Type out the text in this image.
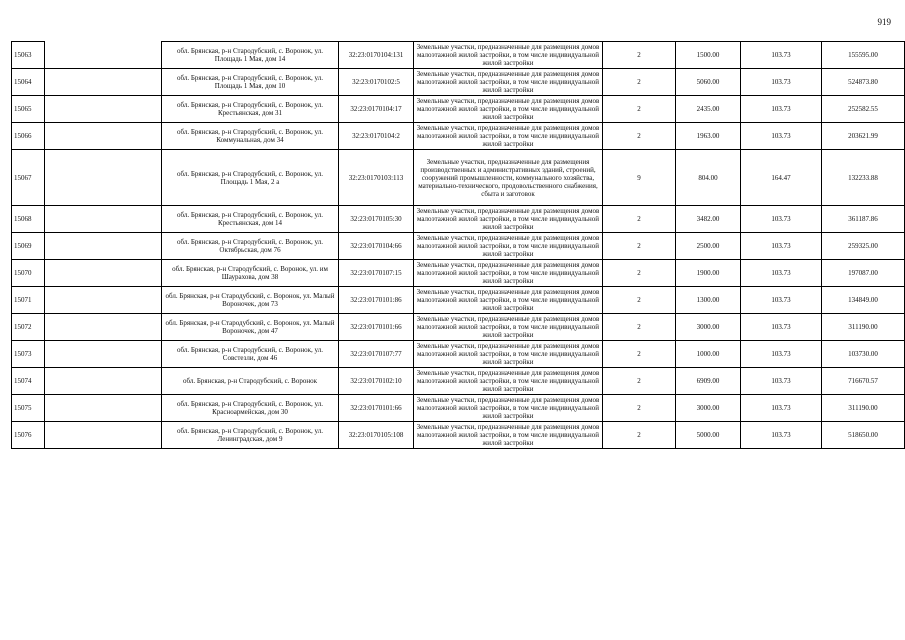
919
15063		обл. Брянская, р-н Стародубский, с. Воронок, ул. Площадь 1 Мая, дом 14	32:23:0170104:131	Земельные участки, предназначенные для размещения домов малоэтажной жилой застройки, в том числе индивидуальной жилой застройки	2	1500.00	103.73	155595.00
15064		обл. Брянская, р-н Стародубский, с. Воронок, ул. Площадь 1 Мая, дом 10	32:23:0170102:5	Земельные участки, предназначенные для размещения домов малоэтажной жилой застройки, в том числе индивидуальной жилой застройки	2	5060.00	103.73	524873.80
15065		обл. Брянская, р-н Стародубский, с. Воронок, ул. Крестьянская, дом 31	32:23:0170104:17	Земельные участки, предназначенные для размещения домов малоэтажной жилой застройки, в том числе индивидуальной жилой застройки	2	2435.00	103.73	252582.55
15066		обл. Брянская, р-н Стародубский, с. Воронок, ул. Коммунальная, дом 34	32:23:0170104:2	Земельные участки, предназначенные для размещения домов малоэтажной жилой застройки, в том числе индивидуальной жилой застройки	2	1963.00	103.73	203621.99
15067		обл. Брянская, р-н Стародубский, с. Воронок, ул. Площадь 1 Мая, 2 а	32:23:0170103:113	Земельные участки, предназначенные для размещения производственных и административных зданий, строений, сооружений промышленности, коммунального хозяйства, материально-технического, продовольственного снабжения, сбыта и заготовок	9	804.00	164.47	132233.88
15068		обл. Брянская, р-н Стародубский, с. Воронок, ул. Крестьянская, дом 14	32:23:0170105:30	Земельные участки, предназначенные для размещения домов малоэтажной жилой застройки, в том числе индивидуальной жилой застройки	2	3482.00	103.73	361187.86
15069		обл. Брянская, р-н Стародубский, с. Воронок, ул. Октябрьская, дом 76	32:23:0170104:66	Земельные участки, предназначенные для размещения домов малоэтажной жилой застройки, в том числе индивидуальной жилой застройки	2	2500.00	103.73	259325.00
15070		обл. Брянская, р-н Стародубский, с. Воронок, ул. им Шаурахова, дом 38	32:23:0170107:15	Земельные участки, предназначенные для размещения домов малоэтажной жилой застройки, в том числе индивидуальной жилой застройки	2	1900.00	103.73	197087.00
15071		обл. Брянская, р-н Стародубский, с. Воронок, ул. Малый Вороночек, дом 73	32:23:0170101:86	Земельные участки, предназначенные для размещения домов малоэтажной жилой застройки, в том числе индивидуальной жилой застройки	2	1300.00	103.73	134849.00
15072		обл. Брянская, р-н Стародубский, с. Воронок, ул. Малый Вороночек, дом 47	32:23:0170101:66	Земельные участки, предназначенные для размещения домов малоэтажной жилой застройки, в том числе индивидуальной жилой застройки	2	3000.00	103.73	311190.00
15073		обл. Брянская, р-н Стародубский, с. Воронок, ул. Совстезли, дом 46	32:23:0170107:77	Земельные участки, предназначенные для размещения домов малоэтажной жилой застройки, в том числе индивидуальной жилой застройки	2	1000.00	103.73	103730.00
15074		обл. Брянская, р-н Стародубский, с. Воронок	32:23:0170102:10	Земельные участки, предназначенные для размещения домов малоэтажной жилой застройки, в том числе индивидуальной жилой застройки	2	6909.00	103.73	716670.57
15075		обл. Брянская, р-н Стародубский, с. Воронок, ул. Красноармейская, дом 30	32:23:0170101:66	Земельные участки, предназначенные для размещения домов малоэтажной жилой застройки, в том числе индивидуальной жилой застройки	2	3000.00	103.73	311190.00
15076		обл. Брянская, р-н Стародубский, с. Воронок, ул. Ленинградская, дом 9	32:23:0170105:108	Земельные участки, предназначенные для размещения домов малоэтажной жилой застройки, в том числе индивидуальной жилой застройки	2	5000.00	103.73	518650.00
